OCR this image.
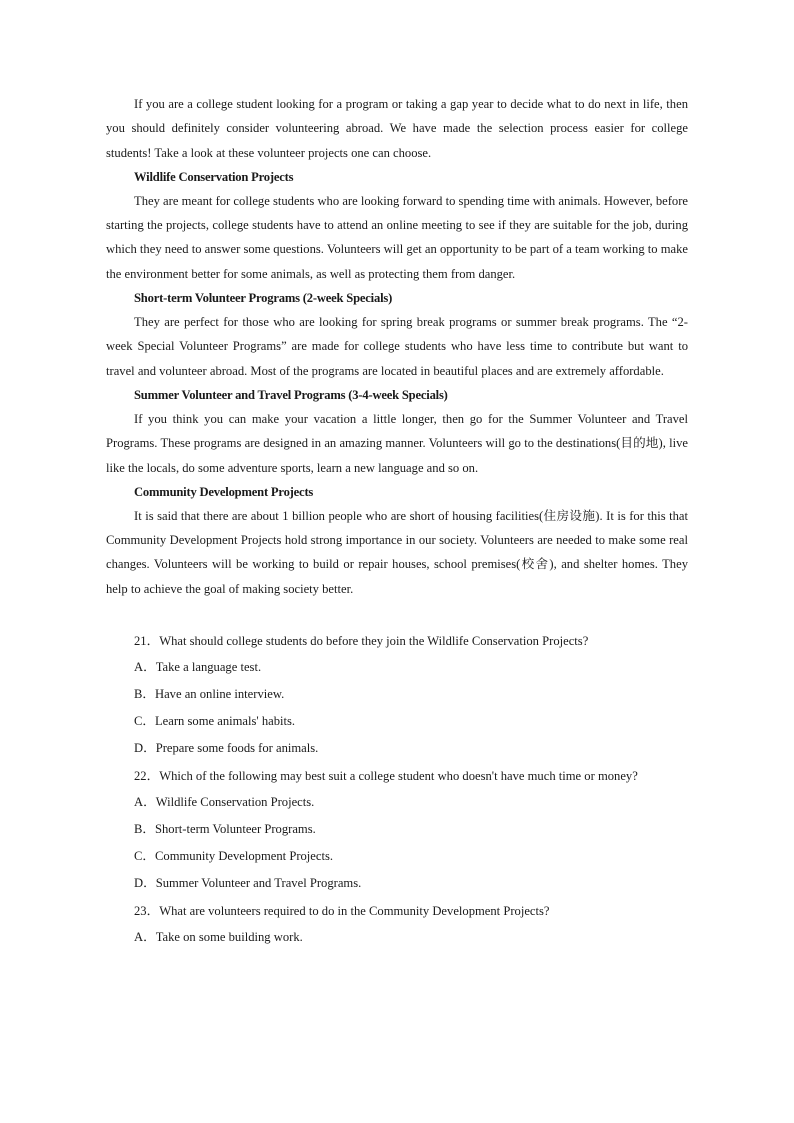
If you are a college student looking for a program or taking a gap year to decide what to do next in life, then you should definitely consider volunteering abroad. We have made the selection process easier for college students! Take a look at these volunteer projects one can choose.

Wildlife Conservation Projects

They are meant for college students who are looking forward to spending time with animals. However, before starting the projects, college students have to attend an online meeting to see if they are suitable for the job, during which they need to answer some questions. Volunteers will get an opportunity to be part of a team working to make the environment better for some animals, as well as protecting them from danger.

Short-term Volunteer Programs (2-week Specials)

They are perfect for those who are looking for spring break programs or summer break programs. The “2-week Special Volunteer Programs” are made for college students who have less time to contribute but want to travel and volunteer abroad. Most of the programs are located in beautiful places and are extremely affordable.

Summer Volunteer and Travel Programs (3-4-week Specials)

If you think you can make your vacation a little longer, then go for the Summer Volunteer and Travel Programs. These programs are designed in an amazing manner. Volunteers will go to the destinations(目的地), live like the locals, do some adventure sports, learn a new language and so on.

Community Development Projects

It is said that there are about 1 billion people who are short of housing facilities(住房设施). It is for this that Community Development Projects hold strong importance in our society. Volunteers are needed to make some real changes. Volunteers will be working to build or repair houses, school premises(校舍), and shelter homes. They help to achieve the goal of making society better.

21．What should college students do before they join the Wildlife Conservation Projects?

A．Take a language test.

B．Have an online interview.

C．Learn some animals' habits.

D．Prepare some foods for animals.

22．Which of the following may best suit a college student who doesn't have much time or money?

A．Wildlife Conservation Projects.

B．Short-term Volunteer Programs.

C．Community Development Projects.

D．Summer Volunteer and Travel Programs.

23．What are volunteers required to do in the Community Development Projects?

A．Take on some building work.
